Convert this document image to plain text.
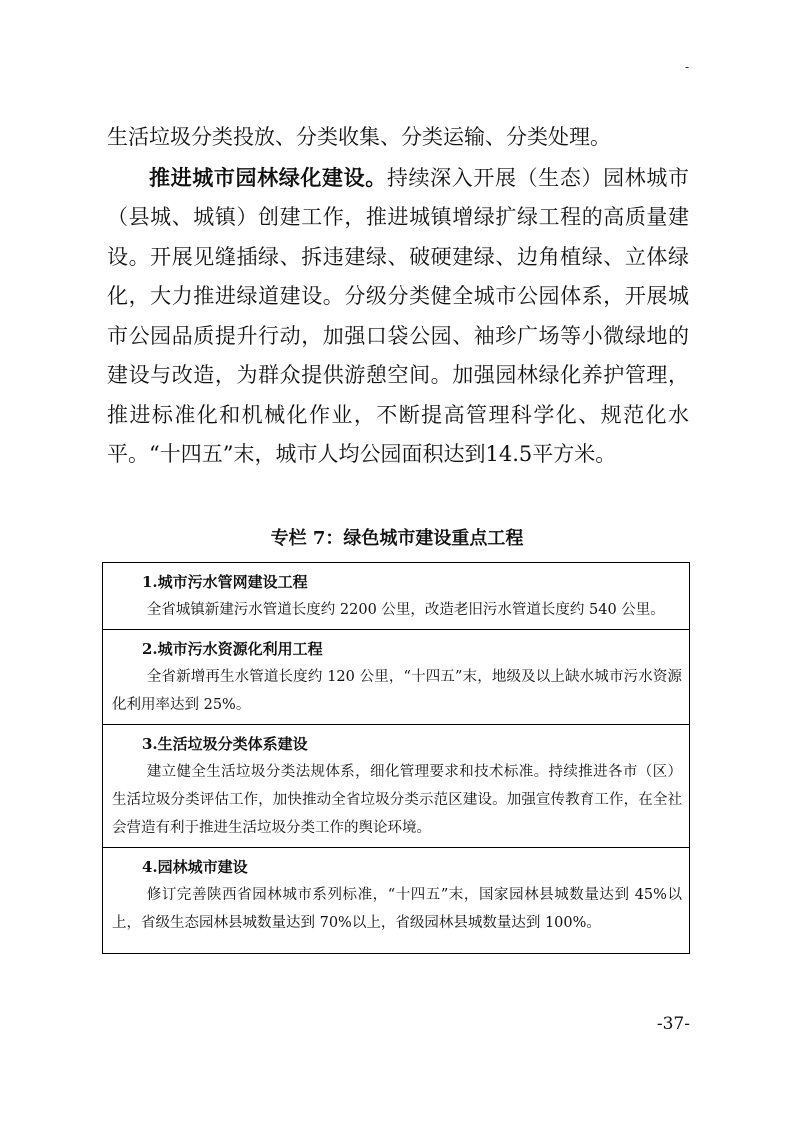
-

生活垃圾分类投放、分类收集、分类运输、分类处理。

推进城市园林绿化建设。持续深入开展（生态）园林城市（县城、城镇）创建工作，推进城镇增绿扩绿工程的高质量建设。开展见缝插绿、拆违建绿、破硬建绿、边角植绿、立体绿化，大力推进绿道建设。分级分类健全城市公园体系，开展城市公园品质提升行动，加强口袋公园、袖珍广场等小微绿地的建设与改造，为群众提供游憩空间。加强园林绿化养护管理，推进标准化和机械化作业，不断提高管理科学化、规范化水平。“十四五”末，城市人均公园面积达到14.5平方米。

专栏 7：绿色城市建设重点工程
1.城市污水管网建设工程
全省城镇新建污水管道长度约 2200 公里，改造老旧污水管道长度约 540 公里。
2.城市污水资源化利用工程
全省新增再生水管道长度约 120 公里，“十四五”末，地级及以上缺水城市污水资源化利用率达到 25%。
3.生活垃圾分类体系建设
建立健全生活垃圾分类法规体系，细化管理要求和技术标准。持续推进各市（区）生活垃圾分类评估工作，加快推动全省垃圾分类示范区建设。加强宣传教育工作，在全社会营造有利于推进生活垃圾分类工作的舆论环境。
4.园林城市建设
修订完善陕西省园林城市系列标准，“十四五”末，国家园林县城数量达到 45%以上，省级生态园林县城数量达到 70%以上，省级园林县城数量达到 100%。
-37-
